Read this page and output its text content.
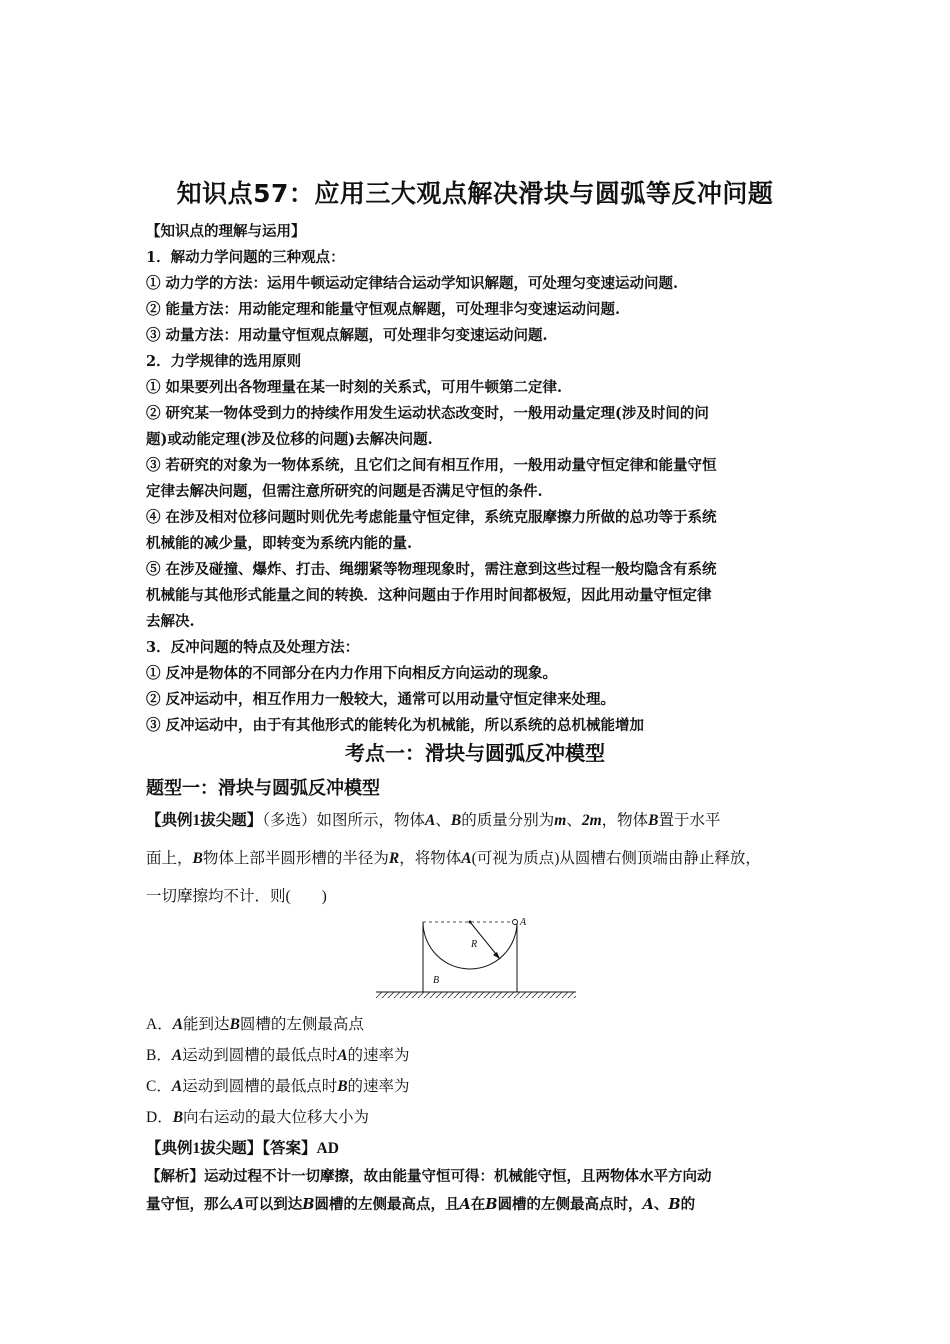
知识点57：应用三大观点解决滑块与圆弧等反冲问题
【知识点的理解与运用】
1．解动力学问题的三种观点：
① 动力学的方法：运用牛顿运动定律结合运动学知识解题，可处理匀变速运动问题.
② 能量方法：用动能定理和能量守恒观点解题，可处理非匀变速运动问题.
③ 动量方法：用动量守恒观点解题，可处理非匀变速运动问题.
2．力学规律的选用原则
① 如果要列出各物理量在某一时刻的关系式，可用牛顿第二定律.
② 研究某一物体受到力的持续作用发生运动状态改变时，一般用动量定理(涉及时间的问
题)或动能定理(涉及位移的问题)去解决问题.
③ 若研究的对象为一物体系统，且它们之间有相互作用，一般用动量守恒定律和能量守恒
定律去解决问题，但需注意所研究的问题是否满足守恒的条件.
④ 在涉及相对位移问题时则优先考虑能量守恒定律，系统克服摩擦力所做的总功等于系统
机械能的减少量，即转变为系统内能的量.
⑤ 在涉及碰撞、爆炸、打击、绳绷紧等物理现象时，需注意到这些过程一般均隐含有系统
机械能与其他形式能量之间的转换．这种问题由于作用时间都极短，因此用动量守恒定律
去解决.
3．反冲问题的特点及处理方法：
① 反冲是物体的不同部分在内力作用下向相反方向运动的现象。
② 反冲运动中，相互作用力一般较大，通常可以用动量守恒定律来处理。
③ 反冲运动中，由于有其他形式的能转化为机械能，所以系统的总机械能增加
考点一：滑块与圆弧反冲模型
题型一：滑块与圆弧反冲模型
【典例1拔尖题】（多选）如图所示，物体A、B的质量分别为m、2m，物体B置于水平
面上，B物体上部半圆形槽的半径为R，将物体A(可视为质点)从圆槽右侧顶端由静止释放，
一切摩擦均不计．则(　　)
A
R
B
A．A能到达B圆槽的左侧最高点
B．A运动到圆槽的最低点时A的速率为
C．A运动到圆槽的最低点时B的速率为
D．B向右运动的最大位移大小为
【典例1拔尖题】【答案】AD
【解析】运动过程不计一切摩擦，故由能量守恒可得：机械能守恒，且两物体水平方向动
量守恒，那么A可以到达B圆槽的左侧最高点，且A在B圆槽的左侧最高点时，A、B的
